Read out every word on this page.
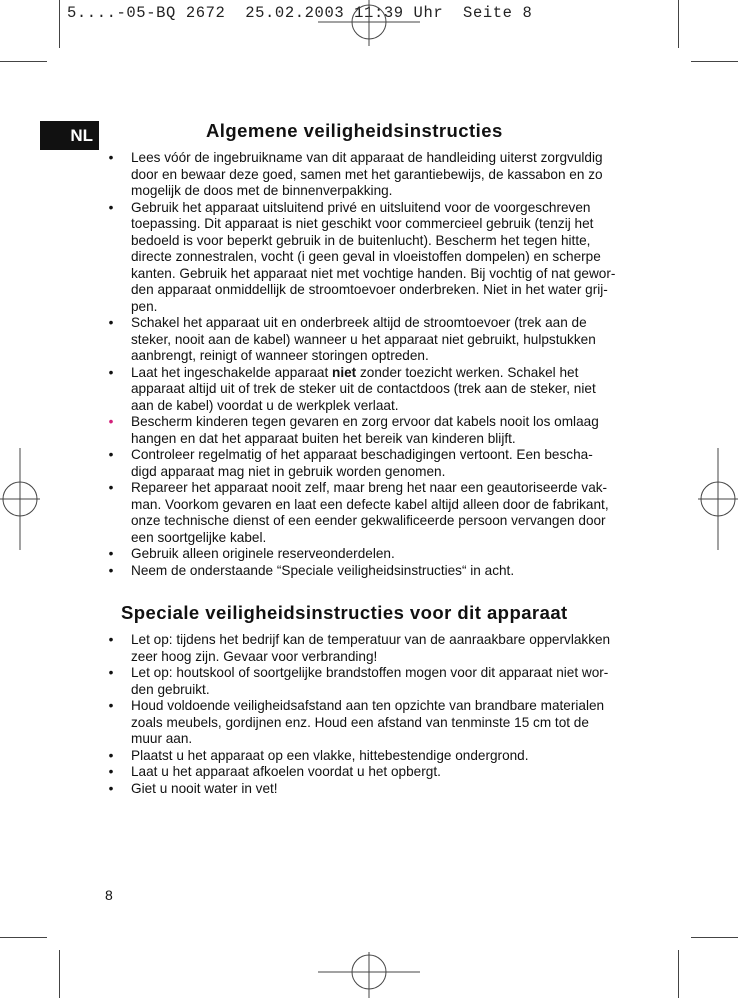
5....-05-BQ 2672  25.02.2003 11:39 Uhr  Seite 8
NL	Algemene veiligheidsinstructies
• Lees vóór de ingebruikname van dit apparaat de handleiding uiterst zorgvuldig
door en bewaar deze goed, samen met het garantiebewijs, de kassabon en zo
mogelijk de doos met de binnenverpakking.
• Gebruik het apparaat uitsluitend privé en uitsluitend voor de voorgeschreven
toepassing. Dit apparaat is niet geschikt voor commercieel gebruik (tenzij het
bedoeld is voor beperkt gebruik in de buitenlucht). Bescherm het tegen hitte,
directe zonnestralen, vocht (i geen geval in vloeistoffen dompelen) en scherpe
kanten. Gebruik het apparaat niet met vochtige handen. Bij vochtig of nat gewor-
den apparaat onmiddellijk de stroomtoevoer onderbreken. Niet in het water grij-
pen.
• Schakel het apparaat uit en onderbreek altijd de stroomtoevoer (trek aan de
steker, nooit aan de kabel) wanneer u het apparaat niet gebruikt, hulpstukken
aanbrengt, reinigt of wanneer storingen optreden.
• Laat het ingeschakelde apparaat niet zonder toezicht werken. Schakel het
apparaat altijd uit of trek de steker uit de contactdoos (trek aan de steker, niet
aan de kabel) voordat u de werkplek verlaat.
• Bescherm kinderen tegen gevaren en zorg ervoor dat kabels nooit los omlaag
hangen en dat het apparaat buiten het bereik van kinderen blijft.
• Controleer regelmatig of het apparaat beschadigingen vertoont. Een bescha-
digd apparaat mag niet in gebruik worden genomen.
• Repareer het apparaat nooit zelf, maar breng het naar een geautoriseerde vak-
man. Voorkom gevaren en laat een defecte kabel altijd alleen door de fabrikant,
onze technische dienst of een eender gekwalificeerde persoon vervangen door
een soortgelijke kabel.
• Gebruik alleen originele reserveonderdelen.
• Neem de onderstaande “Speciale veiligheidsinstructies“ in acht.
Speciale veiligheidsinstructies voor dit apparaat
• Let op: tijdens het bedrijf kan de temperatuur van de aanraakbare oppervlakken
zeer hoog zijn. Gevaar voor verbranding!
• Let op: houtskool of soortgelijke brandstoffen mogen voor dit apparaat niet wor-
den gebruikt.
• Houd voldoende veiligheidsafstand aan ten opzichte van brandbare materialen
zoals meubels, gordijnen enz. Houd een afstand van tenminste 15 cm tot de
muur aan.
• Plaatst u het apparaat op een vlakke, hittebestendige ondergrond.
• Laat u het apparaat afkoelen voordat u het opbergt.
• Giet u nooit water in vet!
8
